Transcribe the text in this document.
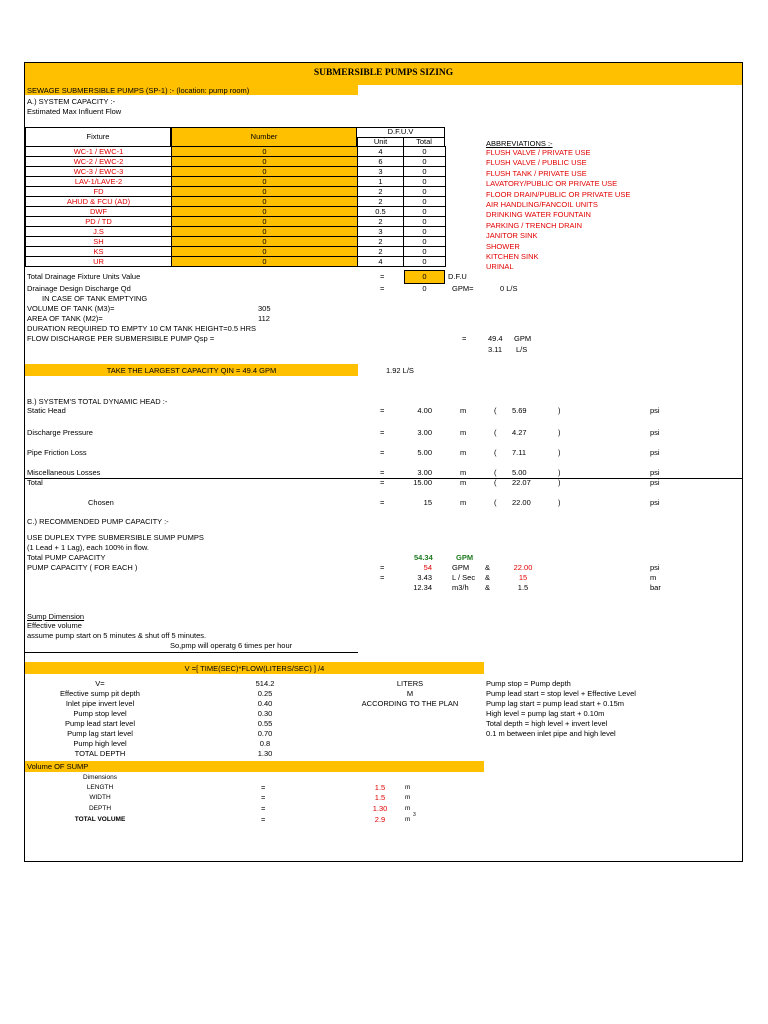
SUBMERSIBLE PUMPS SIZING
SEWAGE SUBMERSIBLE PUMPS (SP-1) :- (location: pump room)
A.) SYSTEM CAPACITY :-
Estimated Max Influent Flow
Fixture	Number
D.F.U.V
Unit	Total
WC-1 / EWC-1	0	4	0
WC-2 / EWC-2	0	6	0
WC-3 / EWC-3	0	3	0
LAV-1/LAVE-2	0	1	0
FD	0	2	0
AHUD & FCU (AD)	0	2	0
DWF	0	0.5	0
PD / TD	0	2	0
J.S	0	3	0
SH	0	2	0
KS	0	2	0
UR	0	4	0
ABBREVIATIONS :-
FLUSH VALVE / PRIVATE USE
FLUSH VALVE / PUBLIC USE
FLUSH TANK / PRIVATE USE
LAVATORY/PUBLIC OR PRIVATE USE
FLOOR DRAIN/PUBLIC OR PRIVATE USE
AIR HANDLING/FANCOIL UNITS
DRINKING WATER FOUNTAIN
PARKING / TRENCH DRAIN
JANITOR SINK
SHOWER
KITCHEN SINK
URINAL
Total Drainage Fixture Units Value	=	0	D.F.U
Drainage Design Discharge Qd	=	0	GPM=	0 L/S
IN CASE OF TANK EMPTYING
VOLUME OF TANK (M3)=	305
AREA OF TANK (M2)=	112
DURATION REQUIRED TO EMPTY 10 CM TANK HEIGHT=0.5 HRS
FLOW DISCHARGE PER SUBMERSIBLE PUMP Qsp =	=	49.4 GPM
3.11 L/S
TAKE THE LARGEST CAPACITY QIN = 49.4 GPM	1.92 L/S
B.) SYSTEM'S TOTAL DYNAMIC HEAD :-
Static Head	=	4.00	m	( 5.69	)	psi
Discharge Pressure	=	3.00	m	( 4.27	)	psi
Pipe Friction Loss	=	5.00	m	( 7.11	)	psi
Miscellaneous Losses	=	3.00	m	( 5.00	)	psi
Total	=	15.00	m	( 22.07	)	psi
Chosen	=	15	m	( 22.00	)	psi
C.) RECOMMENDED PUMP CAPACITY :-
USE DUPLEX TYPE SUBMERSIBLE SUMP PUMPS
(1 Lead + 1 Lag), each 100% in flow.
Total PUMP CAPACITY	54.34	GPM
PUMP CAPACITY ( FOR EACH )	=	54	GPM &	22.00	psi
=	3.43	L / Sec &	15	m
12.34	m3/h &	1.5	bar
Sump Dimension
Effective volume
assume pump start on 5 minutes & shut off 5 minutes.
So,pmp will operatg 6 times per hour
V =[ TIME(SEC)*FLOW(LITERS/SEC) ] /4
V=	514.2	LITERS
Effective sump pit depth	0.25	M
Inlet pipe invert level	0.40	ACCORDING TO THE PLAN
Pump stop level	0.30
Pump lead start level	0.55
Pump lag start level	0.70
Pump high level	0.8
TOTAL DEPTH	1.30
Pump stop = Pump depth
Pump lead start = stop level + Effective Level
Pump lag start = pump lead start + 0.15m
High level = pump lag start + 0.10m
Total depth = high level + invert level
0.1 m between inlet pipe and high level
Volume OF SUMP
Dimensions
LENGTH	=	1.5	m
WIDTH	=	1.5	m
DEPTH	=	1.30	m
TOTAL VOLUME	=	2.9	m
3
